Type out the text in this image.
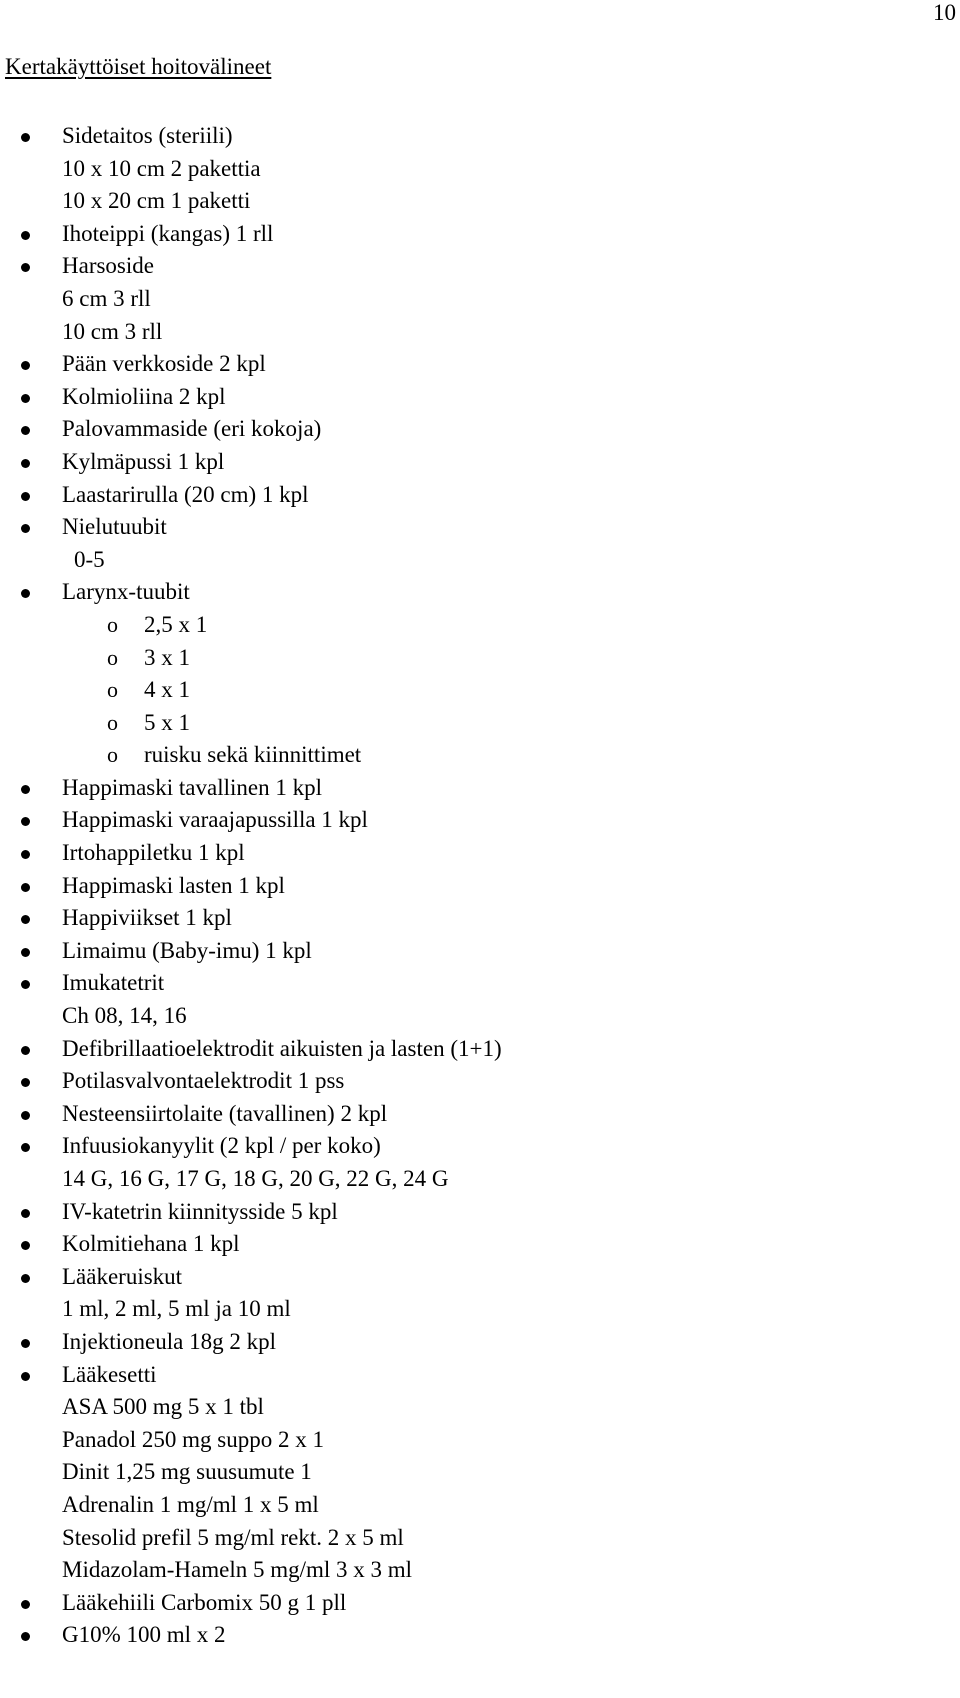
10
Kertakäyttöiset hoitovälineet
Sidetaitos (steriili)
10 x 10 cm 2 pakettia
10 x 20 cm 1 paketti
Ihoteippi (kangas) 1 rll
Harsoside
6 cm 3 rll
10 cm 3 rll
Pään verkkoside 2 kpl
Kolmioliina 2 kpl
Palovammaside (eri kokoja)
Kylmäpussi 1 kpl
Laastarirulla (20 cm) 1 kpl
Nielutuubit
0-5
Larynx-tuubit
o 2,5 x 1
o 3 x 1
o 4 x 1
o 5 x 1
o ruisku sekä kiinnittimet
Happimaski tavallinen 1 kpl
Happimaski varaajapussilla 1 kpl
Irtohappiletku 1 kpl
Happimaski lasten 1 kpl
Happiviikset 1 kpl
Limaimu (Baby-imu) 1 kpl
Imukatetrit
Ch 08, 14, 16
Defibrillaatioelektrodit aikuisten ja lasten (1+1)
Potilasvalvontaelektrodit 1 pss
Nesteensiirtolaite (tavallinen) 2 kpl
Infuusiokanyylit (2 kpl / per koko)
14 G, 16 G, 17 G, 18 G, 20 G, 22 G, 24 G
IV-katetrin kiinnitysside 5 kpl
Kolmitiehana 1 kpl
Lääkeruiskut
1 ml, 2 ml, 5 ml ja 10 ml
Injektioneula 18g 2 kpl
Lääkesetti
ASA 500 mg 5 x 1 tbl
Panadol 250 mg suppo 2 x 1
Dinit 1,25 mg suusumute 1
Adrenalin 1 mg/ml 1 x 5 ml
Stesolid prefil 5 mg/ml rekt. 2 x 5 ml
Midazolam-Hameln 5 mg/ml 3 x 3 ml
Lääkehiili Carbomix 50 g 1 pll
G10% 100 ml x 2
